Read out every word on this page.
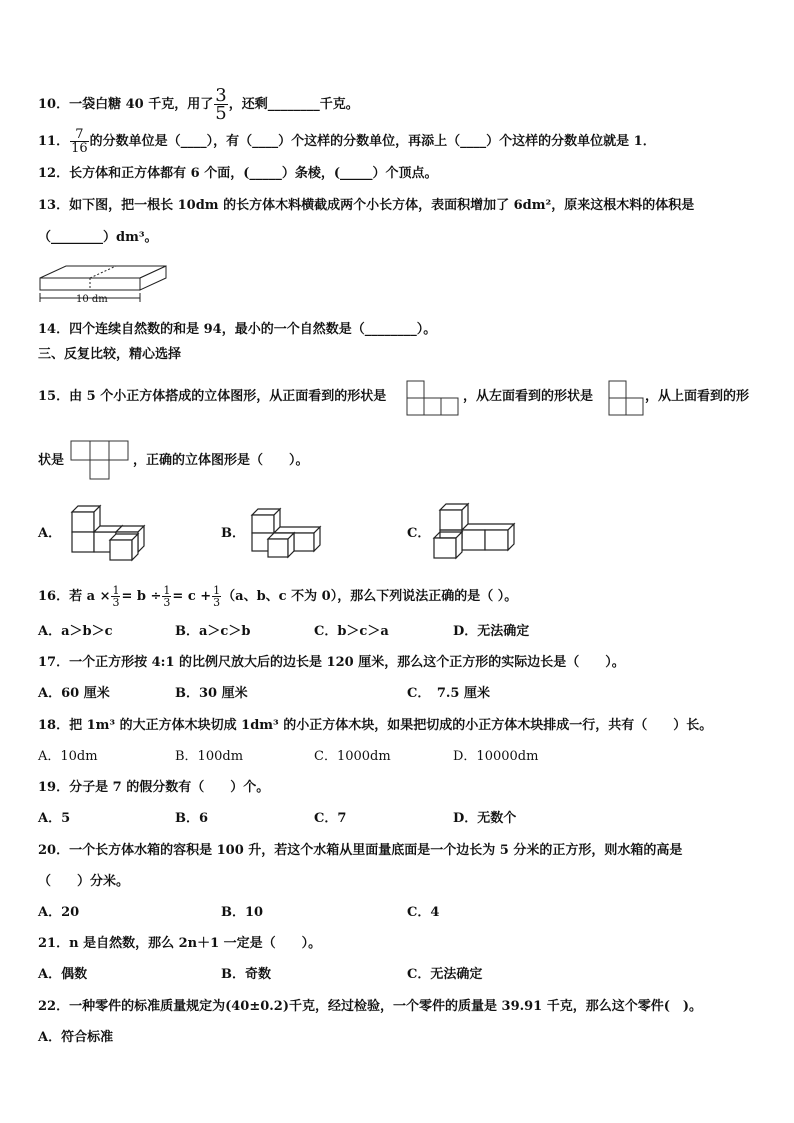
10．一袋白糖 40 千克，用了 $\frac{3}{5}$ ，还剩________千克。
11． $\frac{7}{16}$ 的分数单位是（____），有（____）个这样的分数单位，再添上（____）个这样的分数单位就是 1．
12．长方体和正方体都有 6 个面，(_____）条棱，(_____）个顶点。
13．如下图，把一根长 10dm 的长方体木料横截成两个小长方体，表面积增加了 6dm²，原来这根木料的体积是
（________）dm³。
10 dm
14．四个连续自然数的和是 94，最小的一个自然数是（________）。
三、反复比较，精心选择
15．由 5 个小正方体搭成的立体图形，从正面看到的形状是	，从左面看到的形状是	，从上面看到的形
状是	，正确的立体图形是（　　）。
A．	B．	C．
16．若 $a \times \frac{1}{3} = b \div \frac{1}{3} = c + \frac{1}{3} (a$、b、c 不为 0），那么下列说法正确的是（ ）。
A．a＞b＞c	B．a＞c＞b	C．b＞c＞a	D．无法确定
17．一个正方形按 4:1 的比例尺放大后的边长是 120 厘米，那么这个正方形的实际边长是（　　）。
A．60 厘米	B．30 厘米	C．　7.5 厘米
18．把 1m³ 的大正方体木块切成 1dm³ 的小正方体木块，如果把切成的小正方体木块排成一行，共有（　　）长。
A．10dm	B．100dm	C．1000dm	D．10000dm
19．分子是 7 的假分数有（　　）个。
A．5	B．6	C．7	D．无数个
20．一个长方体水箱的容积是 100 升，若这个水箱从里面量底面是一个边长为 5 分米的正方形，则水箱的高是
（　　）分米。
A．20	B．10	C．4
21．n 是自然数，那么 2n＋1 一定是（　　）。
A．偶数	B．奇数	C．无法确定
22．一种零件的标准质量规定为(40±0.2)千克，经过检验，一个零件的质量是 39.91 千克，那么这个零件(　)。
A．符合标准
